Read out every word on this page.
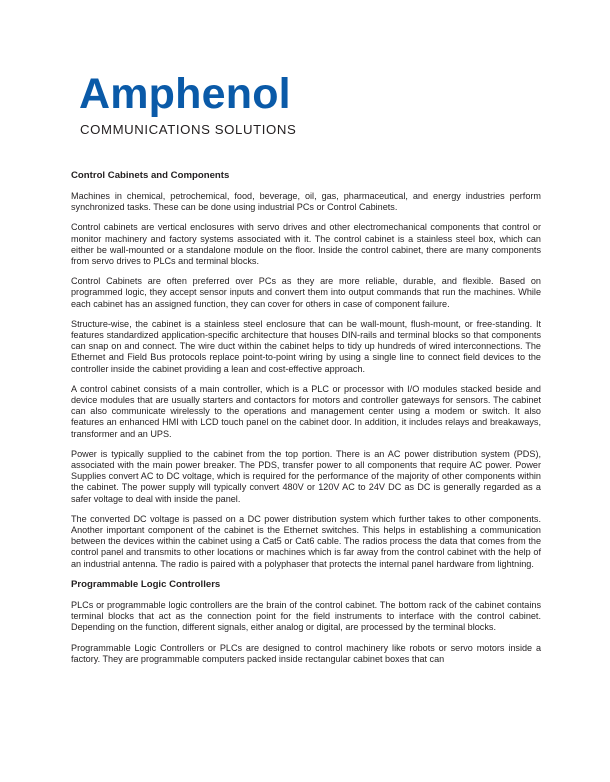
Amphenol
COMMUNICATIONS SOLUTIONS
Control Cabinets and Components

Machines in chemical, petrochemical, food, beverage, oil, gas, pharmaceutical, and energy industries perform synchronized tasks. These can be done using industrial PCs or Control Cabinets.

Control cabinets are vertical enclosures with servo drives and other electromechanical components that control or monitor machinery and factory systems associated with it. The control cabinet is a stainless steel box, which can either be wall-mounted or a standalone module on the floor. Inside the control cabinet, there are many components from servo drives to PLCs and terminal blocks.

Control Cabinets are often preferred over PCs as they are more reliable, durable, and flexible. Based on programmed logic, they accept sensor inputs and convert them into output commands that run the machines. While each cabinet has an assigned function, they can cover for others in case of component failure.

Structure-wise, the cabinet is a stainless steel enclosure that can be wall-mount, flush-mount, or free-standing. It features standardized application-specific architecture that houses DIN-rails and terminal blocks so that components can snap on and connect. The wire duct within the cabinet helps to tidy up hundreds of wired interconnections. The Ethernet and Field Bus protocols replace point-to-point wiring by using a single line to connect field devices to the controller inside the cabinet providing a lean and cost-effective approach.

A control cabinet consists of a main controller, which is a PLC or processor with I/O modules stacked beside and device modules that are usually starters and contactors for motors and controller gateways for sensors. The cabinet can also communicate wirelessly to the operations and management center using a modem or switch. It also features an enhanced HMI with LCD touch panel on the cabinet door. In addition, it includes relays and breakaways, transformer and an UPS.

Power is typically supplied to the cabinet from the top portion. There is an AC power distribution system (PDS), associated with the main power breaker. The PDS, transfer power to all components that require AC power. Power Supplies convert AC to DC voltage, which is required for the performance of the majority of other components within the cabinet. The power supply will typically convert 480V or 120V AC to 24V DC as DC is generally regarded as a safer voltage to deal with inside the panel.

The converted DC voltage is passed on a DC power distribution system which further takes to other components. Another important component of the cabinet is the Ethernet switches. This helps in establishing a communication between the devices within the cabinet using a Cat5 or Cat6 cable. The radios process the data that comes from the control panel and transmits to other locations or machines which is far away from the control cabinet with the help of an industrial antenna. The radio is paired with a polyphaser that protects the internal panel hardware from lightning.

Programmable Logic Controllers

PLCs or programmable logic controllers are the brain of the control cabinet. The bottom rack of the cabinet contains terminal blocks that act as the connection point for the field instruments to interface with the control cabinet. Depending on the function, different signals, either analog or digital, are processed by the terminal blocks.

Programmable Logic Controllers or PLCs are designed to control machinery like robots or servo motors inside a factory. They are programmable computers packed inside rectangular cabinet boxes that can
